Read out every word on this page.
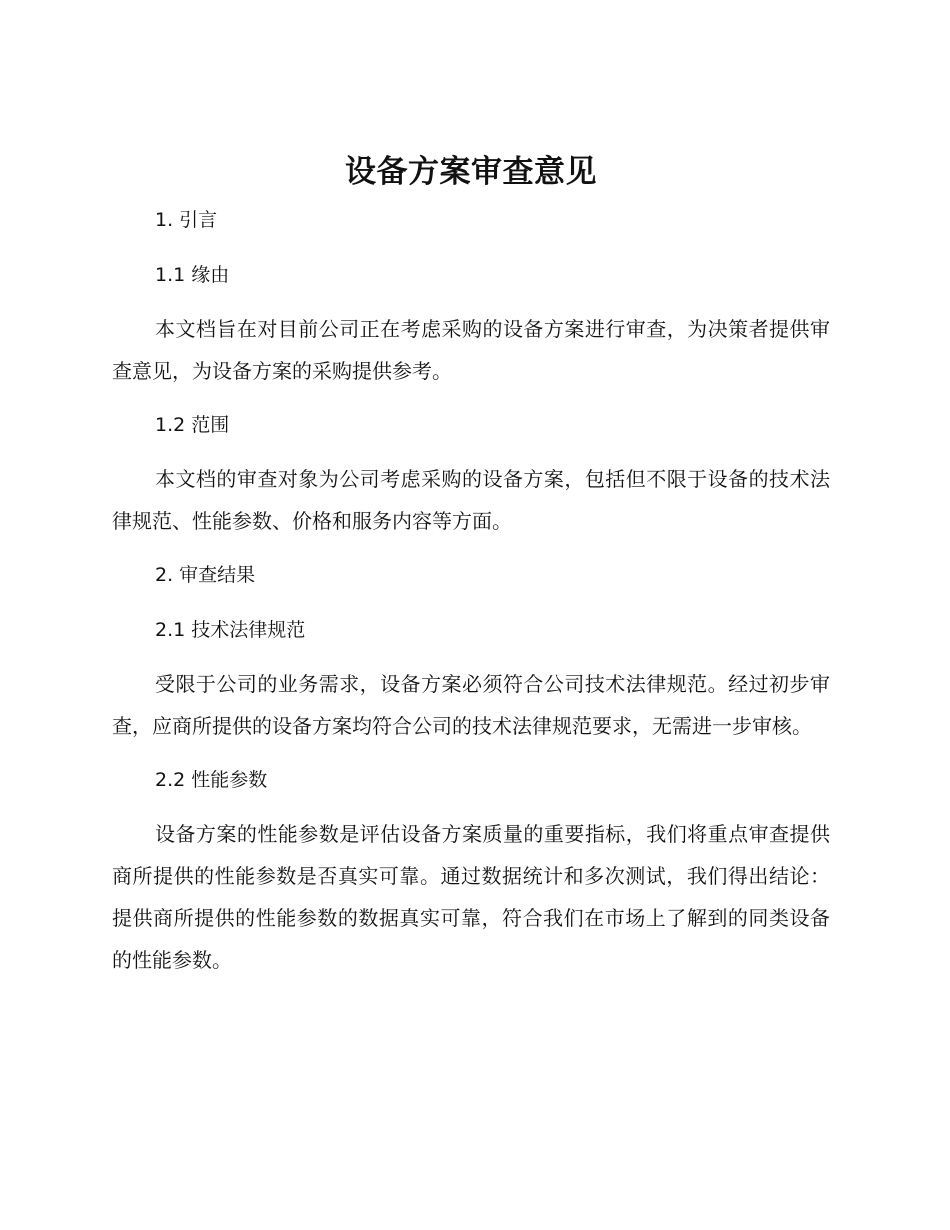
设备方案审查意见
1. 引言
1.1 缘由

本文档旨在对目前公司正在考虑采购的设备方案进行审查，为决策者提供审查意见，为设备方案的采购提供参考。

1.2 范围

本文档的审查对象为公司考虑采购的设备方案，包括但不限于设备的技术法律规范、性能参数、价格和服务内容等方面。

2. 审查结果
2.1 技术法律规范

受限于公司的业务需求，设备方案必须符合公司技术法律规范。经过初步审查，应商所提供的设备方案均符合公司的技术法律规范要求，无需进一步审核。

2.2 性能参数

设备方案的性能参数是评估设备方案质量的重要指标，我们将重点审查提供商所提供的性能参数是否真实可靠。通过数据统计和多次测试，我们得出结论：提供商所提供的性能参数的数据真实可靠，符合我们在市场上了解到的同类设备的性能参数。
